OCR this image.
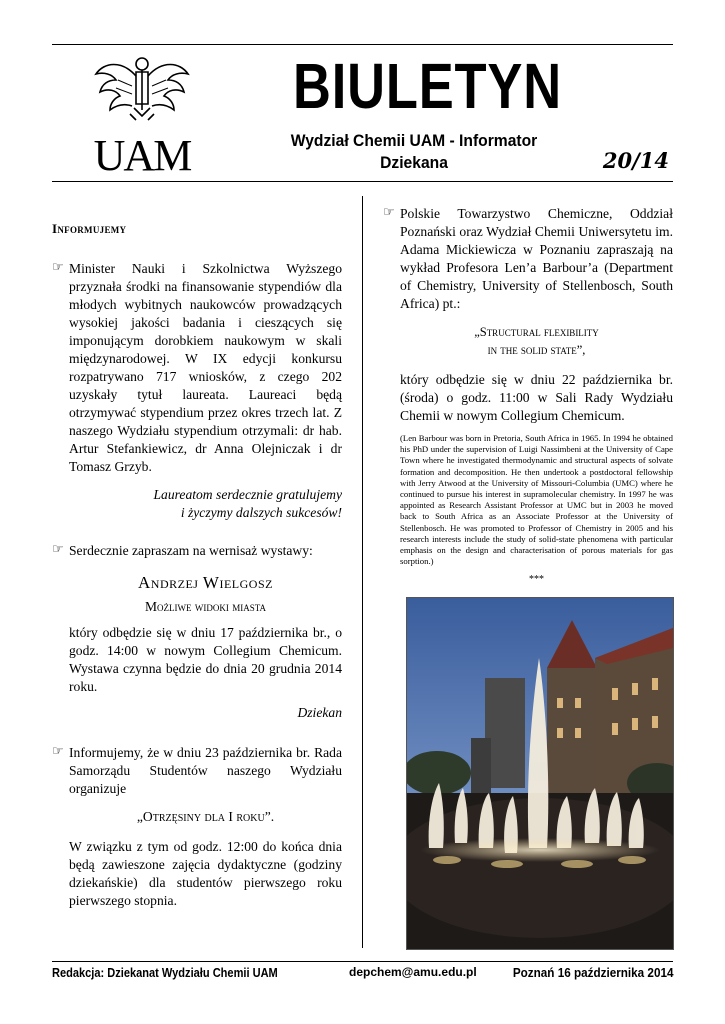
UAM
BIULETYN
Wydział Chemii UAM - Informator Dziekana	20/14
Informujemy
☞ Minister Nauki i Szkolnictwa Wyższego przyznała środki na finansowanie stypendiów dla młodych wybitnych naukowców prowadzących wysokiej jakości badania i cieszących się imponującym dorobkiem naukowym w skali międzynarodowej. W IX edycji konkursu rozpatrywano 717 wniosków, z czego 202 uzyskały tytuł laureata. Laureaci będą otrzymywać stypendium przez okres trzech lat. Z naszego Wydziału stypendium otrzymali: dr hab. Artur Stefankiewicz, dr Anna Olejniczak i dr Tomasz Grzyb.
Laureatom serdecznie gratulujemy
i życzymy dalszych sukcesów!
☞ Serdecznie zapraszam na wernisaż wystawy:
Andrzej Wielgosz
Możliwe widoki miasta
który odbędzie się w dniu 17 października br., o godz. 14:00 w nowym Collegium Chemicum. Wystawa czynna będzie do dnia 20 grudnia 2014 roku.
Dziekan
☞ Informujemy, że w dniu 23 października br. Rada Samorządu Studentów naszego Wydziału organizuje
„Otrzęsiny dla I roku”.
W związku z tym od godz. 12:00 do końca dnia będą zawieszone zajęcia dydaktyczne (godziny dziekańskie) dla studentów pierwszego roku pierwszego stopnia.
☞ Polskie Towarzystwo Chemiczne, Oddział Poznański oraz Wydział Chemii Uniwersytetu im. Adama Mickiewicza w Poznaniu zapraszają na wykład Profesora Len’a Barbour’a (Department of Chemistry, University of Stellenbosch, South Africa) pt.:
„Structural flexibility
in the solid state”,
który odbędzie się w dniu 22 października br. (środa) o godz. 11:00 w Sali Rady Wydziału Chemii w nowym Collegium Chemicum.
(Len Barbour was born in Pretoria, South Africa in 1965. In 1994 he obtained his PhD under the supervision of Luigi Nassimbeni at the University of Cape Town where he investigated thermodynamic and structural aspects of solvate formation and decomposition. He then undertook a postdoctoral fellowship with Jerry Atwood at the University of Missouri-Columbia (UMC) where he continued to pursue his interest in supramolecular chemistry. In 1997 he was appointed as Research Assistant Professor at UMC but in 2003 he moved back to South Africa as an Associate Professor at the University of Stellenbosch. He was promoted to Professor of Chemistry in 2005 and his research interests include the study of solid-state phenomena with particular emphasis on the design and characterisation of porous materials for gas sorption.)
***
Redakcja: Dziekanat Wydziału Chemii UAM	depchem@amu.edu.pl	Poznań 16 października 2014
